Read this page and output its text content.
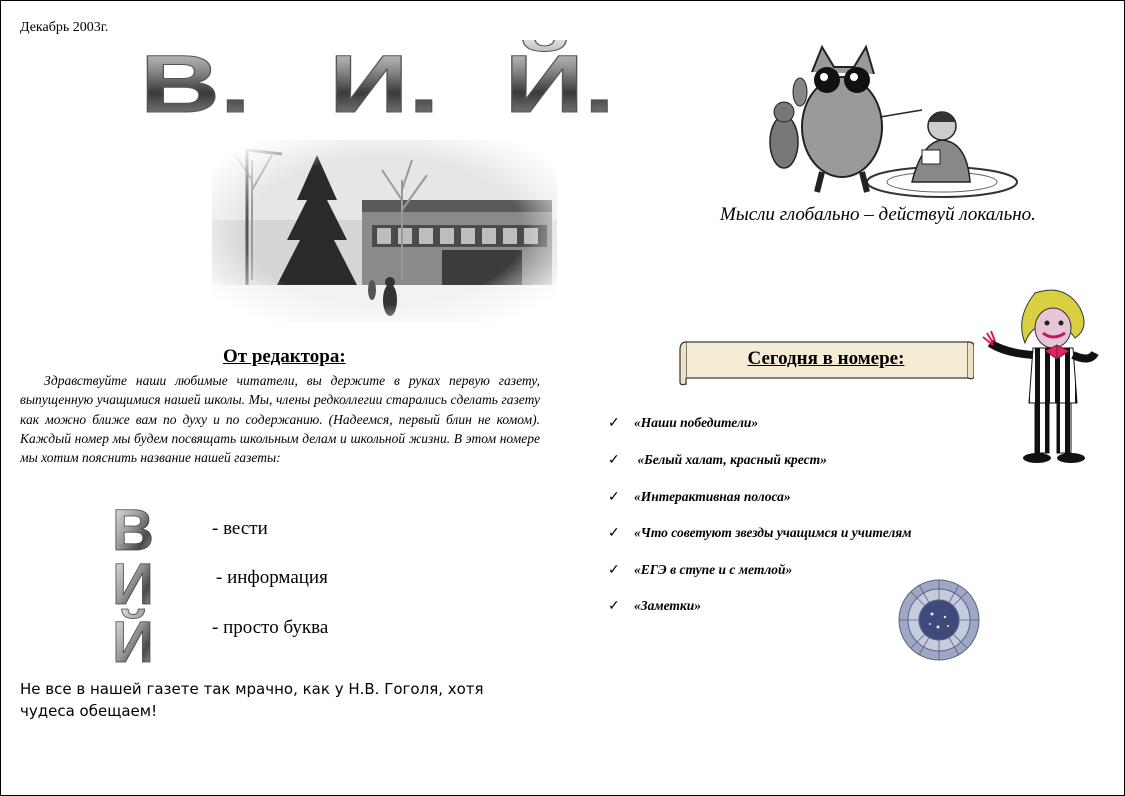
Декабрь 2003г.
В. И. Й.
Мысли глобально – действуй локально.
От редактора:

Здравствуйте наши любимые читатели, вы держите в руках первую газету, выпущенную учащимися нашей школы. Мы, члены редколлегии старались сделать газету как можно ближе вам по духу и по содержанию. (Надеемся, первый блин не комом). Каждый номер мы будем посвящать школьным делам и школьной жизни. В этом номере мы хотим пояснить название нашей газеты:

В
И
Й
- вести
- информация
- просто буква

Не все в нашей газете так мрачно, как у Н.В. Гоголя, хотя чудеса обещаем!

Сегодня в номере:
✓ «Наши победители»
✓ «Белый халат, красный крест»
✓ «Интерактивная полоса»
✓ «Что советуют звезды учащимся и учителям
✓ «ЕГЭ в ступе и с метлой»
✓ «Заметки»
